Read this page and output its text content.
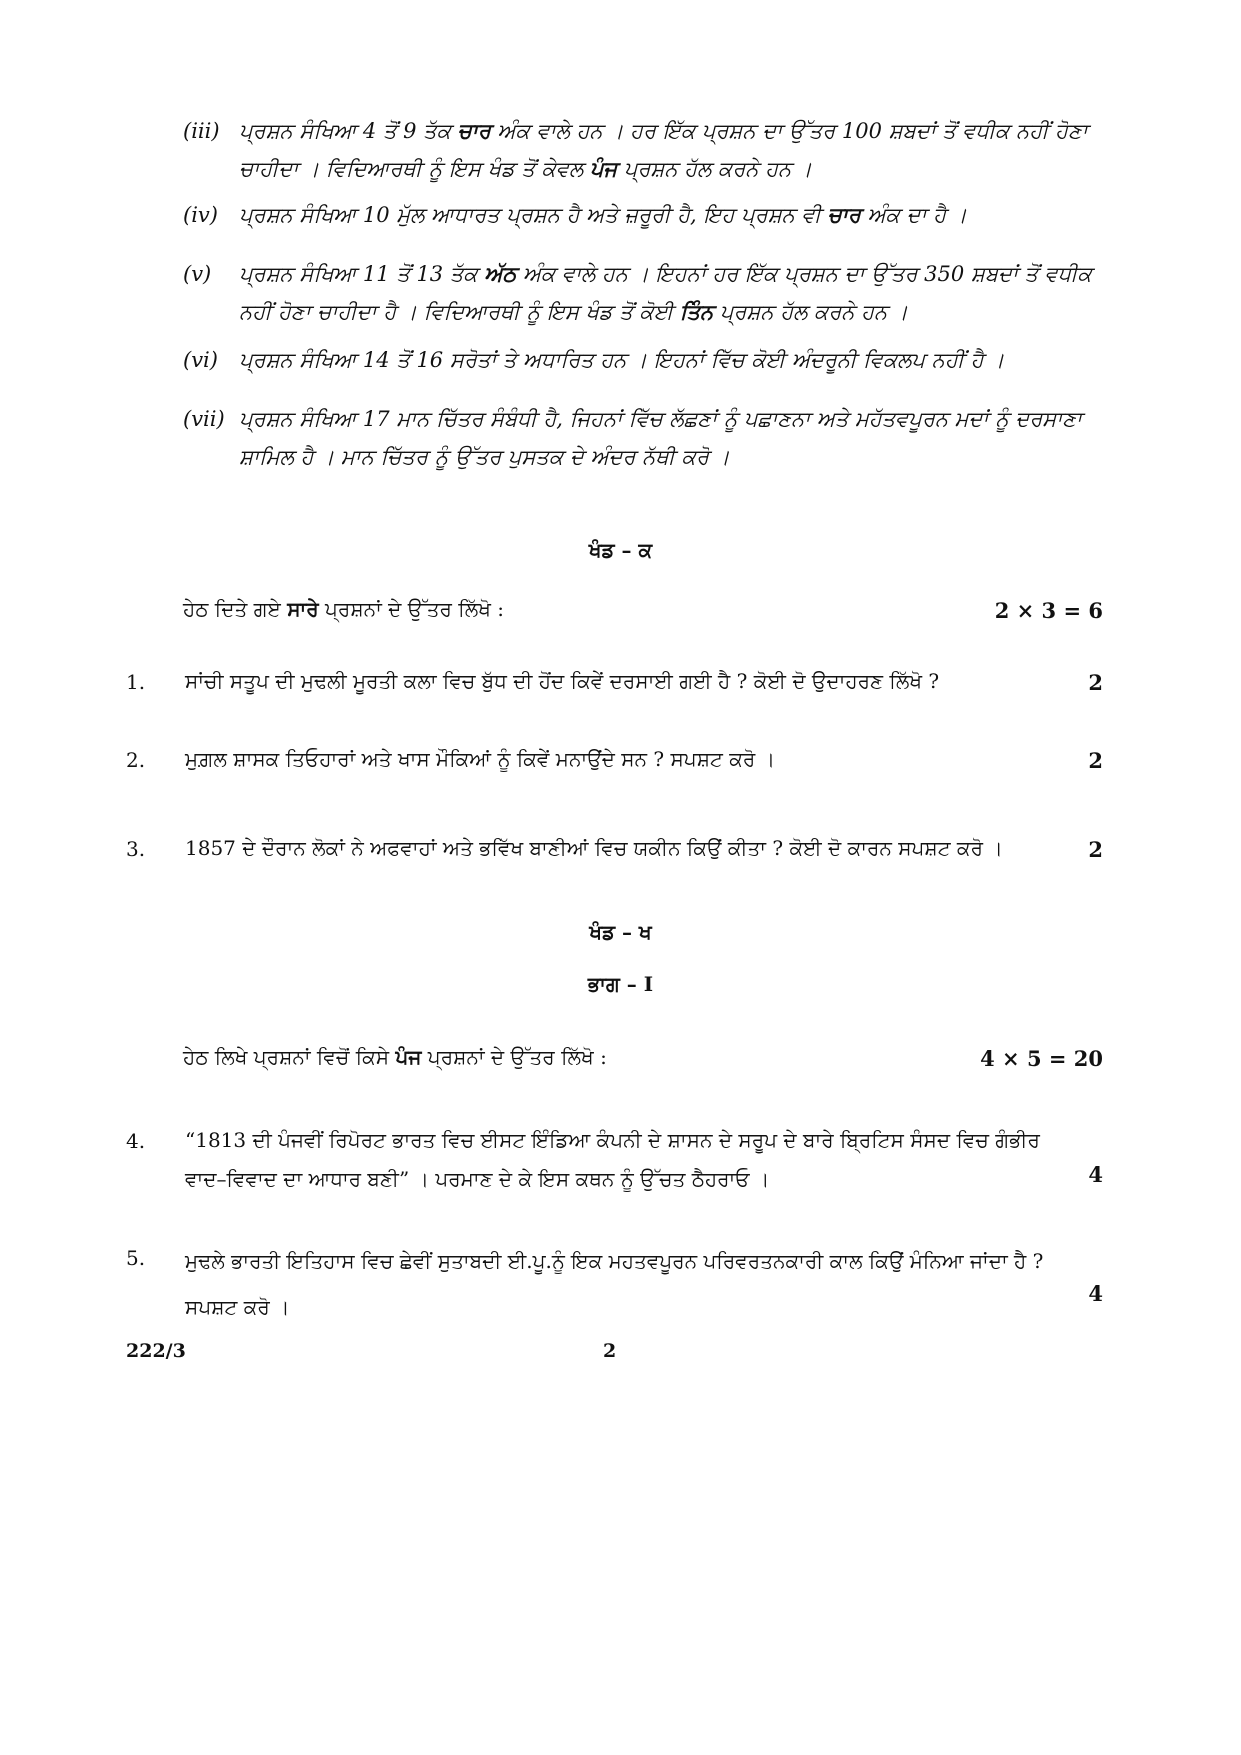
(iii) ਪ੍ਰਸ਼ਨ ਸੰਖਿਆ 4 ਤੋਂ 9 ਤੱਕ ਚਾਰ ਅੰਕ ਵਾਲੇ ਹਨ । ਹਰ ਇੱਕ ਪ੍ਰਸ਼ਨ ਦਾ ਉੱਤਰ 100 ਸ਼ਬਦਾਂ ਤੋਂ ਵਧੀਕ ਨਹੀਂ ਹੋਣਾ ਚਾਹੀਦਾ । ਵਿਦਿਆਰਥੀ ਨੂੰ ਇਸ ਖੰਡ ਤੋਂ ਕੇਵਲ ਪੰਜ ਪ੍ਰਸ਼ਨ ਹੱਲ ਕਰਨੇ ਹਨ ।
(iv)	ਪ੍ਰਸ਼ਨ ਸੰਖਿਆ 10 ਮੁੱਲ ਆਧਾਰਤ ਪ੍ਰਸ਼ਨ ਹੈ ਅਤੇ ਜ਼ਰੂਰੀ ਹੈ, ਇਹ ਪ੍ਰਸ਼ਨ ਵੀ ਚਾਰ ਅੰਕ ਦਾ ਹੈ ।
(v)	ਪ੍ਰਸ਼ਨ ਸੰਖਿਆ 11 ਤੋਂ 13 ਤੱਕ ਅੱਠ ਅੰਕ ਵਾਲੇ ਹਨ । ਇਹਨਾਂ ਹਰ ਇੱਕ ਪ੍ਰਸ਼ਨ ਦਾ ਉੱਤਰ 350 ਸ਼ਬਦਾਂ ਤੋਂ ਵਧੀਕ ਨਹੀਂ ਹੋਣਾ ਚਾਹੀਦਾ ਹੈ । ਵਿਦਿਆਰਥੀ ਨੂੰ ਇਸ ਖੰਡ ਤੋਂ ਕੋਈ ਤਿੰਨ ਪ੍ਰਸ਼ਨ ਹੱਲ ਕਰਨੇ ਹਨ ।
(vi)	ਪ੍ਰਸ਼ਨ ਸੰਖਿਆ 14 ਤੋਂ 16 ਸਰੋਤਾਂ ਤੇ ਅਧਾਰਿਤ ਹਨ । ਇਹਨਾਂ ਵਿੱਚ ਕੋਈ ਅੰਦਰੂਨੀ ਵਿਕਲਪ ਨਹੀਂ ਹੈ ।
(vii) ਪ੍ਰਸ਼ਨ ਸੰਖਿਆ 17 ਮਾਨ ਚਿੱਤਰ ਸੰਬੰਧੀ ਹੈ, ਜਿਹਨਾਂ ਵਿੱਚ ਲੱਛਣਾਂ ਨੂੰ ਪਛਾਣਨਾ ਅਤੇ ਮਹੱਤਵਪੂਰਨ ਮਦਾਂ ਨੂੰ ਦਰਸਾਣਾ ਸ਼ਾਮਿਲ ਹੈ । ਮਾਨ ਚਿੱਤਰ ਨੂੰ ਉੱਤਰ ਪੁਸਤਕ ਦੇ ਅੰਦਰ ਨੱਥੀ ਕਰੋ ।
ਖੰਡ – ਕ
ਹੇਠ ਦਿਤੇ ਗਏ ਸਾਰੇ ਪ੍ਰਸ਼ਨਾਂ ਦੇ ਉੱਤਰ ਲਿੱਖੋ :	2 × 3 = 6
1. ਸਾਂਚੀ ਸਤੂਪ ਦੀ ਮੁਢਲੀ ਮੂਰਤੀ ਕਲਾ ਵਿਚ ਬੁੱਧ ਦੀ ਹੋਂਦ ਕਿਵੇਂ ਦਰਸਾਈ ਗਈ ਹੈ ? ਕੋਈ ਦੋ ਉਦਾਹਰਣ ਲਿੱਖੋ ?	2
2. ਮੁਗ਼ਲ ਸ਼ਾਸਕ ਤਿਓਹਾਰਾਂ ਅਤੇ ਖਾਸ ਮੌਕਿਆਂ ਨੂੰ ਕਿਵੇਂ ਮਨਾਉਂਦੇ ਸਨ ? ਸਪਸ਼ਟ ਕਰੋ ।	2
3. 1857 ਦੇ ਦੌਰਾਨ ਲੋਕਾਂ ਨੇ ਅਫਵਾਹਾਂ ਅਤੇ ਭਵਿੱਖ ਬਾਣੀਆਂ ਵਿਚ ਯਕੀਨ ਕਿਉਂ ਕੀਤਾ ? ਕੋਈ ਦੋ ਕਾਰਨ ਸਪਸ਼ਟ ਕਰੋ ।	2
ਖੰਡ – ਖ
ਭਾਗ – I
ਹੇਠ ਲਿਖੇ ਪ੍ਰਸ਼ਨਾਂ ਵਿਚੋਂ ਕਿਸੇ ਪੰਜ ਪ੍ਰਸ਼ਨਾਂ ਦੇ ਉੱਤਰ ਲਿੱਖੋ :	4 × 5 = 20
4. “1813 ਦੀ ਪੰਜਵੀਂ ਰਿਪੋਰਟ ਭਾਰਤ ਵਿਚ ਈਸਟ ਇੰਡਿਆ ਕੰਪਨੀ ਦੇ ਸ਼ਾਸਨ ਦੇ ਸਰੂਪ ਦੇ ਬਾਰੇ ਬ੍ਰਿਟਿਸ ਸੰਸਦ ਵਿਚ ਗੰਭੀਰ ਵਾਦ–ਵਿਵਾਦ ਦਾ ਆਧਾਰ ਬਣੀ” । ਪਰਮਾਣ ਦੇ ਕੇ ਇਸ ਕਥਨ ਨੂੰ ਉੱਚਤ ਠੈਹਰਾਓ ।	4
5. ਮੁਢਲੇ ਭਾਰਤੀ ਇਤਿਹਾਸ ਵਿਚ ਛੇਵੀਂ ਸੁਤਾਬਦੀ ਈ.ਪੂ.ਨੂੰ ਇਕ ਮਹਤਵਪੂਰਨ ਪਰਿਵਰਤਨਕਾਰੀ ਕਾਲ ਕਿਉਂ ਮੰਨਿਆ ਜਾਂਦਾ ਹੈ ? ਸਪਸ਼ਟ ਕਰੋ ।
4
222/3	2
